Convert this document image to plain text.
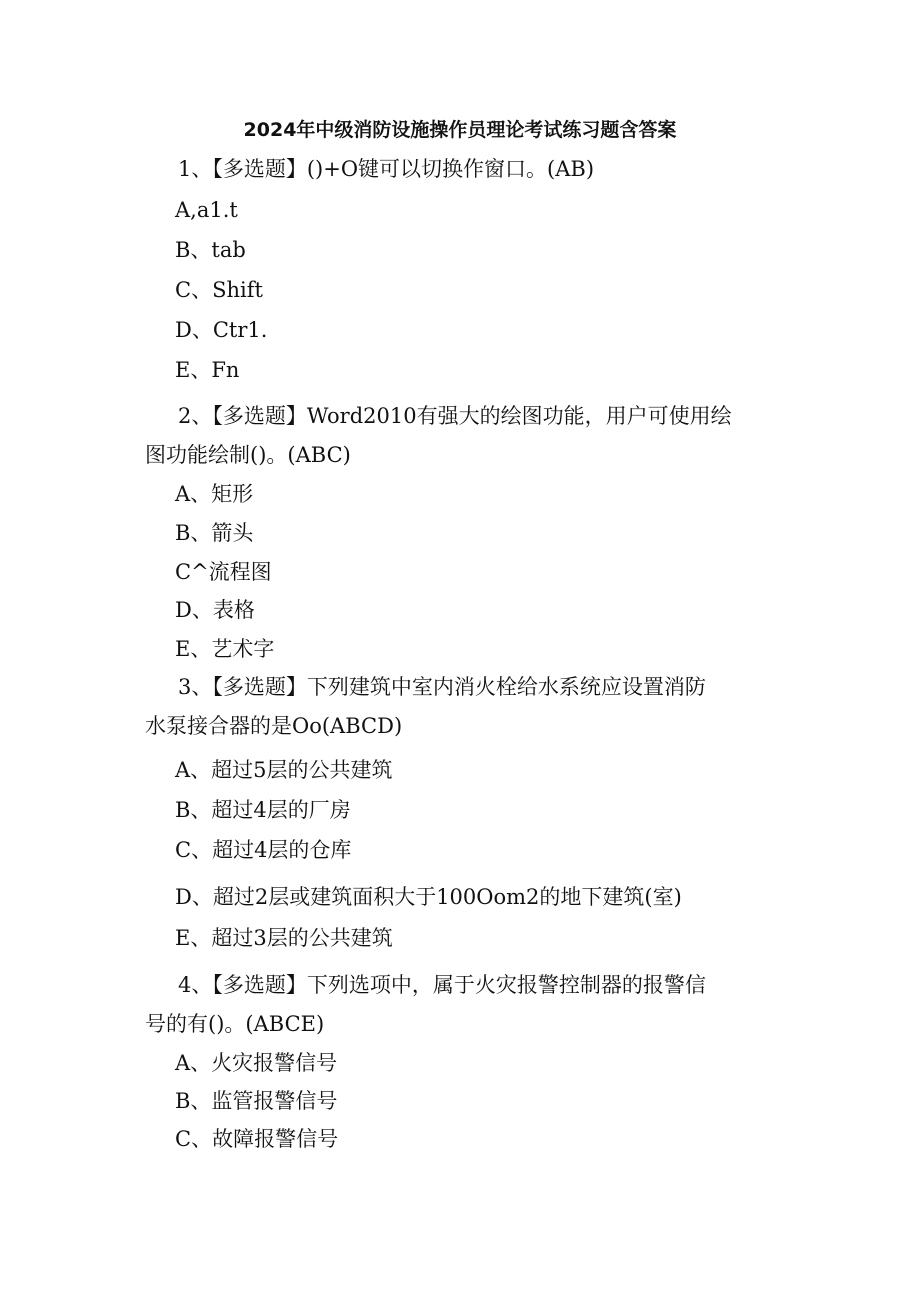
2024年中级消防设施操作员理论考试练习题含答案
1、【多选题】()+O键可以切换作窗口。(AB)
A,a1.t
B、tab
C、Shift
D、Ctr1.
E、Fn
2、【多选题】Word2010有强大的绘图功能，用户可使用绘
图功能绘制()。(ABC)
A、矩形
B、箭头
C^流程图
D、表格
E、艺术字
3、【多选题】下列建筑中室内消火栓给水系统应设置消防
水泵接合器的是Oo(ABCD)
A、超过5层的公共建筑
B、超过4层的厂房
C、超过4层的仓库
D、超过2层或建筑面积大于100Oom2的地下建筑(室)
E、超过3层的公共建筑
4、【多选题】下列选项中，属于火灾报警控制器的报警信
号的有()。(ABCE)
A、火灾报警信号
B、监管报警信号
C、故障报警信号
